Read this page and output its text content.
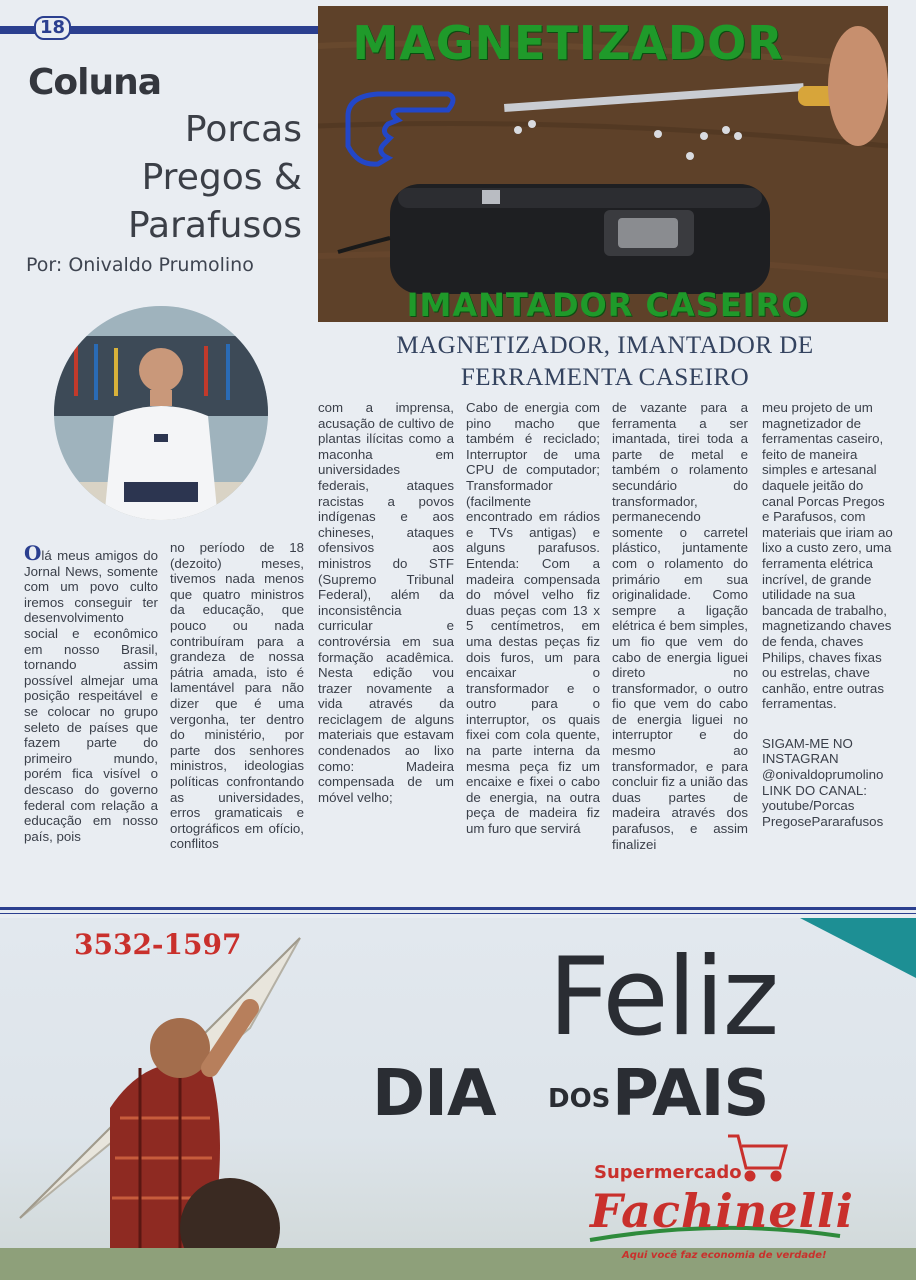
18
Coluna
Porcas
Pregos &
Parafusos
Por: Onivaldo Prumolino
MAGNETIZADOR
IMANTADOR CASEIRO
MAGNETIZADOR, IMANTADOR DE
FERRAMENTA CASEIRO

Olá meus amigos do Jornal News, somente com um povo culto iremos conseguir ter desenvolvimento social e econômico em nosso Brasil, tornando assim possível almejar uma posição respeitável e se colocar no grupo seleto de países que fazem parte do primeiro mundo, porém fica visível o descaso do governo federal com relação a educação em nosso país, pois

no período de 18 (dezoito) meses, tivemos nada menos que quatro ministros da educação, que pouco ou nada contribuíram para a grandeza de nossa pátria amada, isto é lamentável para não dizer que é uma vergonha, ter dentro do ministério, por parte dos senhores ministros, ideologias políticas confrontando as universidades, erros gramaticais e ortográficos em ofício, conflitos

com a imprensa, acusação de cultivo de plantas ilícitas como a maconha em universidades federais, ataques racistas a povos indígenas e aos chineses, ataques ofensivos aos ministros do STF (Supremo Tribunal Federal), além da inconsistência curricular e controvérsia em sua formação acadêmica. Nesta edição vou trazer novamente a vida através da reciclagem de alguns materiais que estavam condenados ao lixo como: Madeira compensada de um móvel velho;

Cabo de energia com pino macho que também é reciclado; Interruptor de uma CPU de computador; Transformador (facilmente encontrado em rádios e TVs antigas) e alguns parafusos. Entenda: Com a madeira compensada do móvel velho fiz duas peças com 13 x 5 centímetros, em uma destas peças fiz dois furos, um para encaixar o transformador e o outro para o interruptor, os quais fixei com cola quente, na parte interna da mesma peça fiz um encaixe e fixei o cabo de energia, na outra peça de madeira fiz um furo que servirá

de vazante para a ferramenta a ser imantada, tirei toda a parte de metal e também o rolamento secundário do transformador, permanecendo somente o carretel plástico, juntamente com o rolamento do primário em sua originalidade. Como sempre a ligação elétrica é bem simples, um fio que vem do cabo de energia liguei direto no transformador, o outro fio que vem do cabo de energia liguei no interruptor e do mesmo ao transformador, e para concluir fiz a união das duas partes de madeira através dos parafusos, e assim finalizei

meu projeto de um magnetizador de ferramentas caseiro, feito de maneira simples e artesanal daquele jeitão do canal Porcas Pregos e Parafusos, com materiais que iriam ao lixo a custo zero, uma ferramenta elétrica incrível, de grande utilidade na sua bancada de trabalho, magnetizando chaves de fenda, chaves Philips, chaves fixas ou estrelas, chave canhão, entre outras ferramentas.

SIGAM-ME NO
INSTAGRAN
@onivaldoprumolino
LINK DO CANAL:
youtube/Porcas
PregosePararafusos
3532-1597	Feliz
DIA DOS PAIS
Supermercado
Fachinelli
Aqui você faz economia de verdade!
